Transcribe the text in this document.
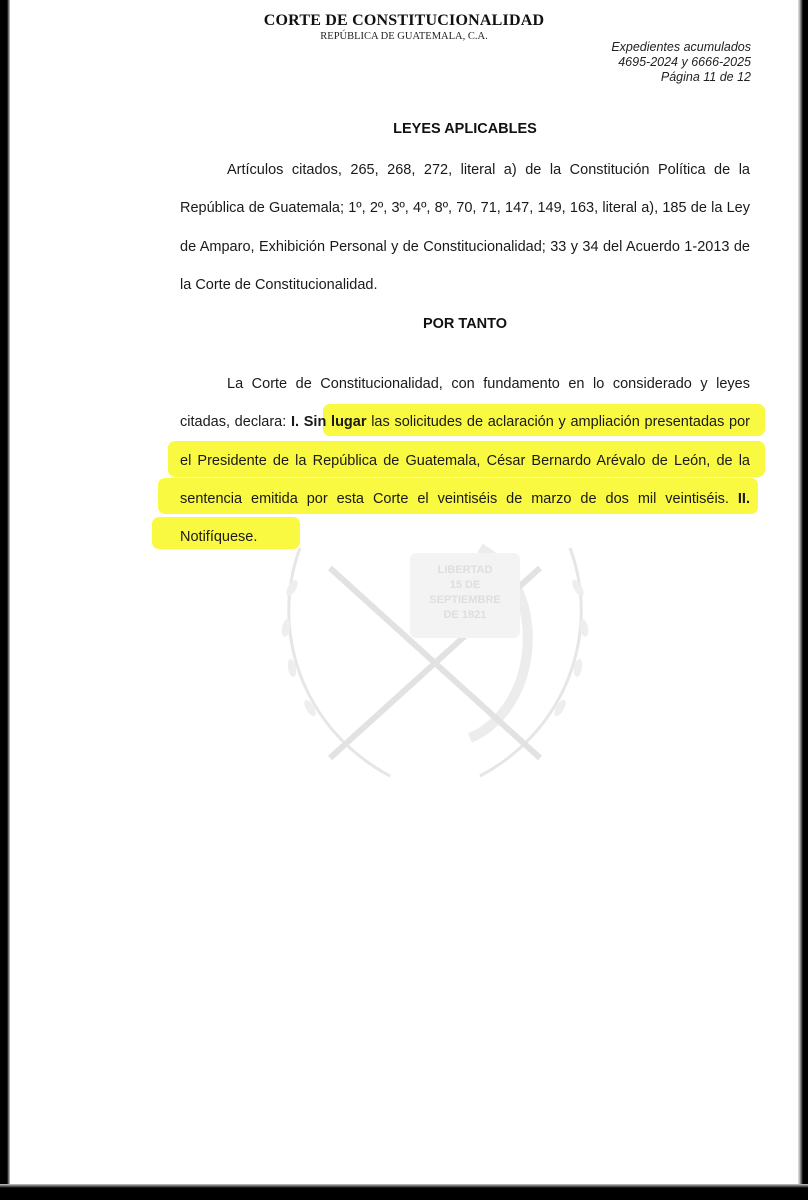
CORTE DE CONSTITUCIONALIDAD
REPÚBLICA DE GUATEMALA, C.A.
Expedientes acumulados
4695-2024 y 6666-2025
Página 11 de 12
LIBERTAD
15 DE
SEPTIEMBRE
DE 1821
LEYES APLICABLES
Artículos citados, 265, 268, 272, literal a) de la Constitución Política de la República de Guatemala; 1º, 2º, 3º, 4º, 8º, 70, 71, 147, 149, 163, literal a), 185 de la Ley de Amparo, Exhibición Personal y de Constitucionalidad; 33 y 34 del Acuerdo 1-2013 de la Corte de Constitucionalidad.
POR TANTO
La Corte de Constitucionalidad, con fundamento en lo considerado y leyes citadas, declara: I. Sin lugar las solicitudes de aclaración y ampliación presentadas por el Presidente de la República de Guatemala, César Bernardo Arévalo de León, de la sentencia emitida por esta Corte el veintiséis de marzo de dos mil veintiséis. II. Notifíquese.
